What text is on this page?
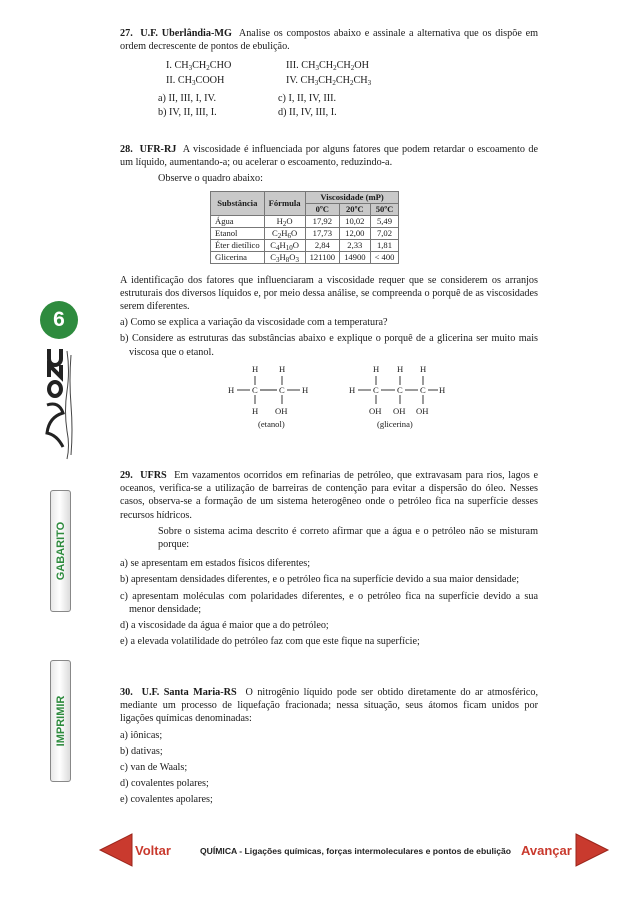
6
GABARITO
IMPRIMIR

27. U.F. Uberlândia-MG Analise os compostos abaixo e assinale a alternativa que os dispõe em ordem decrescente de pontos de ebulição.

I. $CH_3CH_2CHO$	III. $CH_3CH_2CH_2OH$
II. $CH_3COOH$	IV. $CH_3CH_2CH_2CH_3$
a) II, III, I, IV.	c) I, II, IV, III.
b) IV, II, III, I.	d) II, IV, III, I.

28. UFR-RJ A viscosidade é influenciada por alguns fatores que podem retardar o escoamento de um líquido, aumentando-a; ou acelerar o escoamento, reduzindo-a.

Observe o quadro abaixo:

Substância	Fórmula	Viscosidade (mP)		
		0ºC	20ºC	50ºC
Água	$H_2O$	17,92	10,02	5,49
Etanol	$C_2H_6O$	17,73	12,00	7,02
Éter dietílico	$C_4H_{10}O$	2,84	2,33	1,81
Glicerina	$C_3H_8O_3$	121100	14900	< 400

A identificação dos fatores que influenciaram a viscosidade requer que se considerem os arranjos estruturais dos diversos líquidos e, por meio dessa análise, se compreenda o porquê de as viscosidades serem diferentes.

a) Como se explica a variação da viscosidade com a temperatura?

b) Considere as estruturas das substâncias abaixo e explique o porquê de a glicerina ser muito mais viscosa que o etanol.

H H
H C C H
H OH
(etanol)
H H H
H C C C H
OH OH OH
(glicerina)

29. UFRS Em vazamentos ocorridos em refinarias de petróleo, que extravasam para rios, lagos e oceanos, verifica-se a utilização de barreiras de contenção para evitar a dispersão do óleo. Nesses casos, observa-se a formação de um sistema heterogêneo onde o petróleo fica na superfície desses recursos hídricos.

Sobre o sistema acima descrito é correto afirmar que a água e o petróleo não se misturam porque:

a) se apresentam em estados físicos diferentes;

b) apresentam densidades diferentes, e o petróleo fica na superfície devido a sua maior densidade;

c) apresentam moléculas com polaridades diferentes, e o petróleo fica na superfície devido a sua menor densidade;

d) a viscosidade da água é maior que a do petróleo;

e) a elevada volatilidade do petróleo faz com que este fique na superfície;

30. U.F. Santa Maria-RS O nitrogênio líquido pode ser obtido diretamente do ar atmosférico, mediante um processo de liquefação fracionada; nessa situação, seus átomos ficam unidos por ligações químicas denominadas:

a) iônicas;

b) dativas;

c) van de Waals;

d) covalentes polares;

e) covalentes apolares;

Voltar	QUÍMICA - Ligações químicas, forças intermoleculares e pontos de ebulição Avançar
